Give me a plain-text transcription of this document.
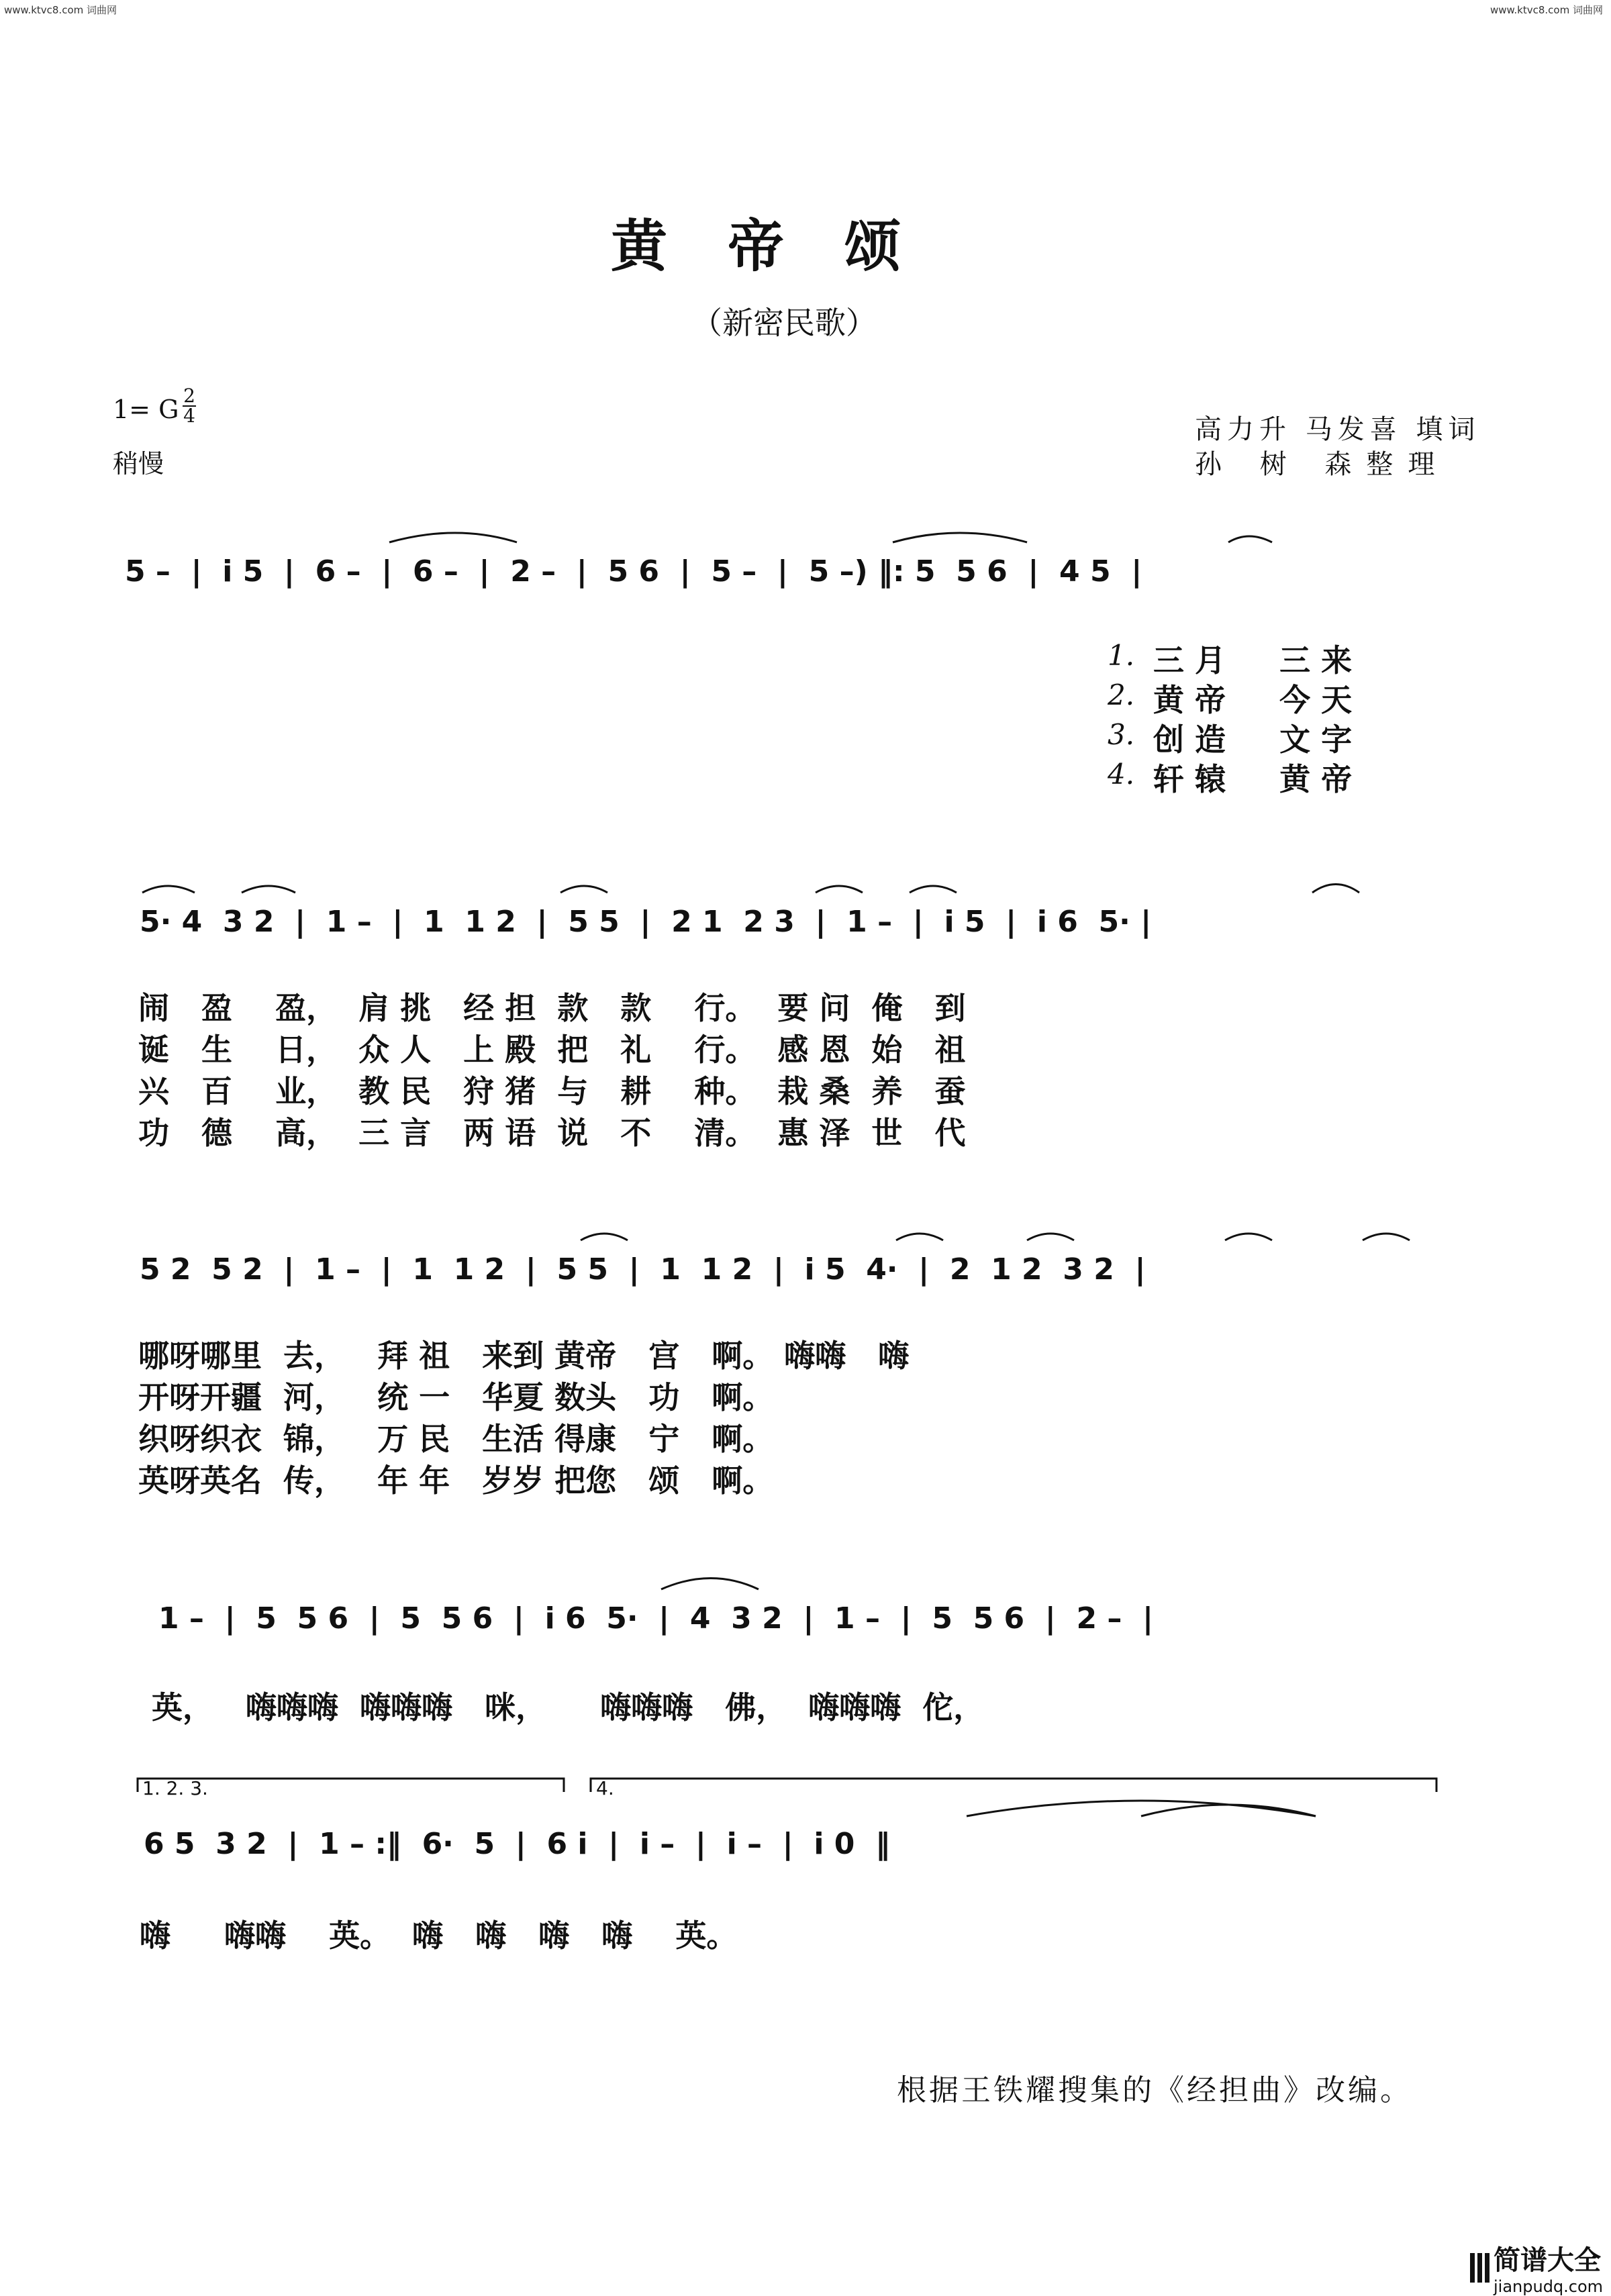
www.ktvc8.com 词曲网	www.ktvc8.com 词曲网
黄帝颂
（新密民歌）
1= G 2
4
稍慢
高力升 马发喜 填词
孙 树 森整理
5 –  |  i 5  |  6 –  |  6 –  |  2 –  |  5 6  |  5 –  |  5 –) ‖: 5  5 6  |  4 5  |
1.
2.
3.
4.
三 月     三 来
黄 帝     今 天
创 造     文 字
轩 辕     黄 帝
5· 4  3 2  |  1 –  |  1  1 2  |  5 5  |  2 1  2 3  |  1 –  |  i 5  |  i 6  5· |
闹   盈    盈，  肩 挑   经 担  款   款    行。  要 问  俺   到
诞   生    日，  众 人   上 殿  把   礼    行。  感 恩  始   祖
兴   百    业，  教 民   狩 猪  与   耕    种。  栽 桑  养   蚕
功   德    高，  三 言   两 语  说   不    清。  惠 泽  世   代
5 2  5 2  |  1 –  |  1  1 2  |  5 5  |  1  1 2  |  i 5  4·  |  2  1 2  3 2  |
哪呀哪里  去，   拜 祖   来到 黄帝   宫   啊。 嗨嗨   嗨
开呀开疆  河，   统 一   华夏 数头   功   啊。
织呀织衣  锦，   万 民   生活 得康   宁   啊。
英呀英名  传，   年 年   岁岁 把您   颂   啊。
1 –  |  5  5 6  |  5  5 6  |  i 6  5·  |  4  3 2  |  1 –  |  5  5 6  |  2 –  |
英，   嗨嗨嗨  嗨嗨嗨   咪，     嗨嗨嗨   佛，  嗨嗨嗨  佗，
1. 2. 3.	4.
6 5  3 2  |  1 – :‖  6·  5  |  6 i  |  i –  |  i –  |  i 0  ‖
嗨     嗨嗨    英。  嗨   嗨   嗨   嗨    英。
根据王铁耀搜集的《经担曲》改编。
简谱大全
jianpudq.com
